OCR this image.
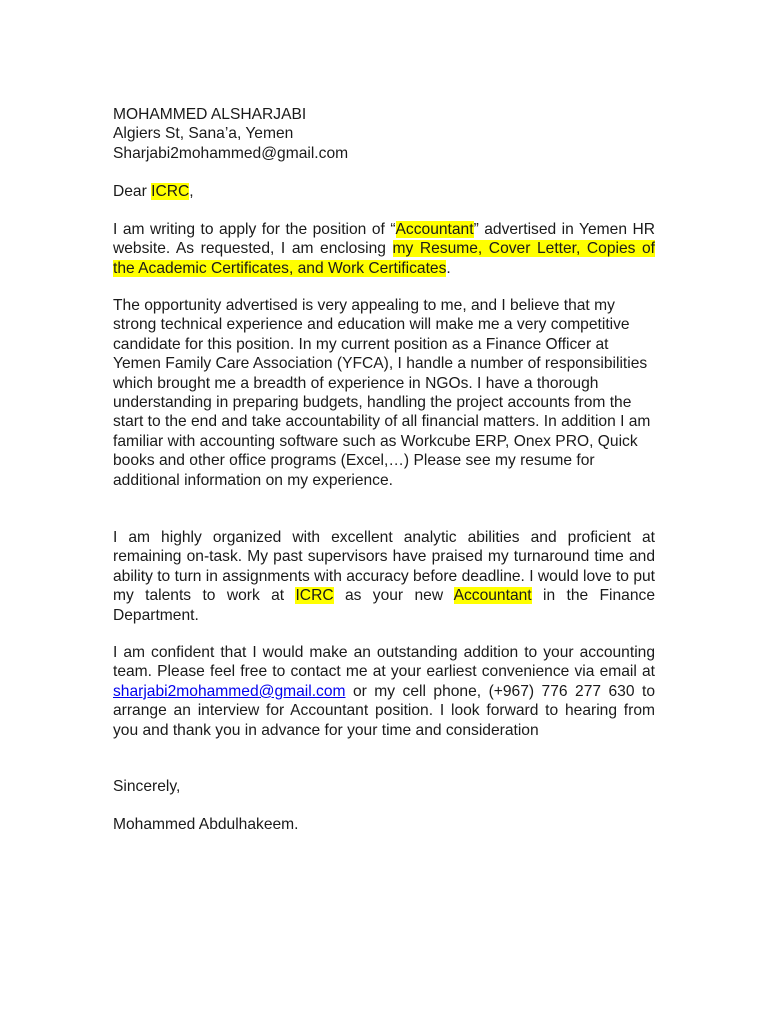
MOHAMMED ALSHARJABI
Algiers St, Sana’a, Yemen
Sharjabi2mohammed@gmail.com
Dear ICRC,

I am writing to apply for the position of “Accountant” advertised in Yemen HR website. As requested, I am enclosing my Resume, Cover Letter, Copies of the Academic Certificates, and Work Certificates.

The opportunity advertised is very appealing to me, and I believe that my strong technical experience and education will make me a very competitive candidate for this position. In my current position as a Finance Officer at Yemen Family Care Association (YFCA), I handle a number of responsibilities which brought me a breadth of experience in NGOs. I have a thorough understanding in preparing budgets, handling the project accounts from the start to the end and take accountability of all financial matters. In addition I am familiar with accounting software such as Workcube ERP, Onex PRO, Quick books and other office programs (Excel,…) Please see my resume for additional information on my experience.

I am highly organized with excellent analytic abilities and proficient at remaining on-task. My past supervisors have praised my turnaround time and ability to turn in assignments with accuracy before deadline. I would love to put my talents to work at ICRC as your new Accountant in the Finance Department.

I am confident that I would make an outstanding addition to your accounting team. Please feel free to contact me at your earliest convenience via email at sharjabi2mohammed@gmail.com or my cell phone, (+967) 776 277 630 to arrange an interview for Accountant position. I look forward to hearing from you and thank you in advance for your time and consideration

Sincerely,
Mohammed Abdulhakeem.
